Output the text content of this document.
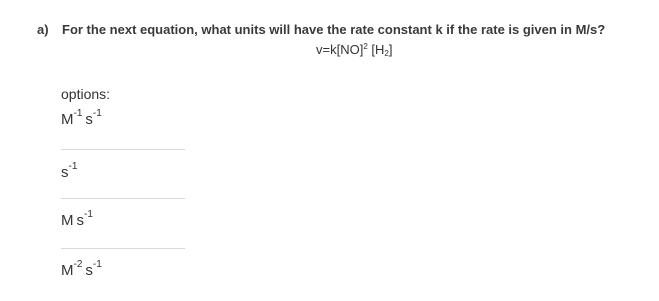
a) For the next equation, what units will have the rate constant k if the rate is given in M/s?
v=k[NO]$^2$ [H2]
options:
$M^{-1}$ $s^{-1}$
$s^{-1}$
M $s^{-1}$
$M^{-2}$ $s^{-1}$
